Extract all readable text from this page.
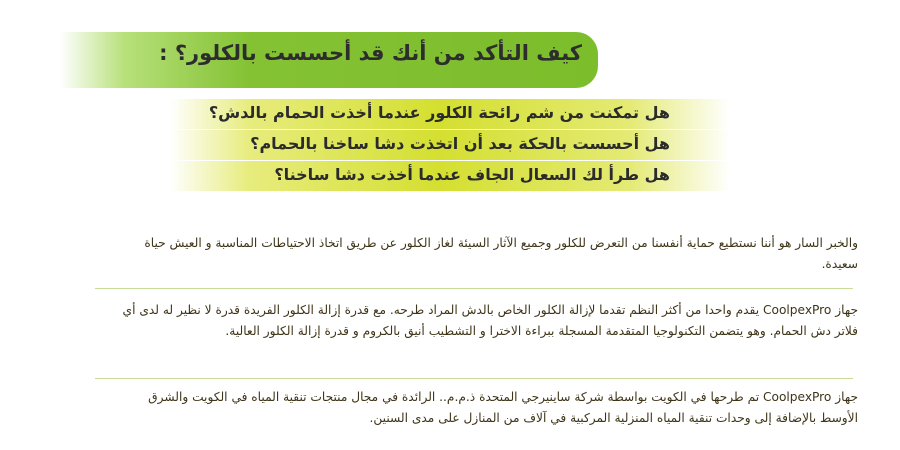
كيف التأكد من أنك قد أحسست بالكلور؟ :
هل تمكنت من شم رائحة الكلور عندما أخذت الحمام بالدش؟
هل أحسست بالحكة بعد أن اتخذت دشا ساخنا بالحمام؟
هل طرأ لك السعال الجاف عندما أخذت دشا ساخنا؟
والخبر السار هو أننا نستطيع حماية أنفسنا من التعرض للكلور وجميع الآثار السيئة لغاز الكلور عن طريق اتخاذ الاحتياطات المناسبة و العيش حياة سعيدة.
جهاز CoolpexPro يقدم واحدا من أكثر النظم تقدما لإزالة الكلور الخاص بالدش المراد طرحه. مع قدرة إزالة الكلور الفريدة قدرة لا نظير له لدى أي فلاتر دش الحمام. وهو يتضمن التكنولوجيا المتقدمة المسجلة ببراءة الاخترا و التشطيب أنيق بالكروم و قدرة إزالة الكلور العالية.
جهاز CoolpexPro تم طرحها في الكويت بواسطة شركة ساينيرجي المتحدة ذ.م.م.. الرائدة في مجال منتجات تنقية المياه في الكويت والشرق الأوسط بالإضافة إلى وحدات تنقية المياه المنزلية المركبية في آلاف من المنازل على مدى السنين.
